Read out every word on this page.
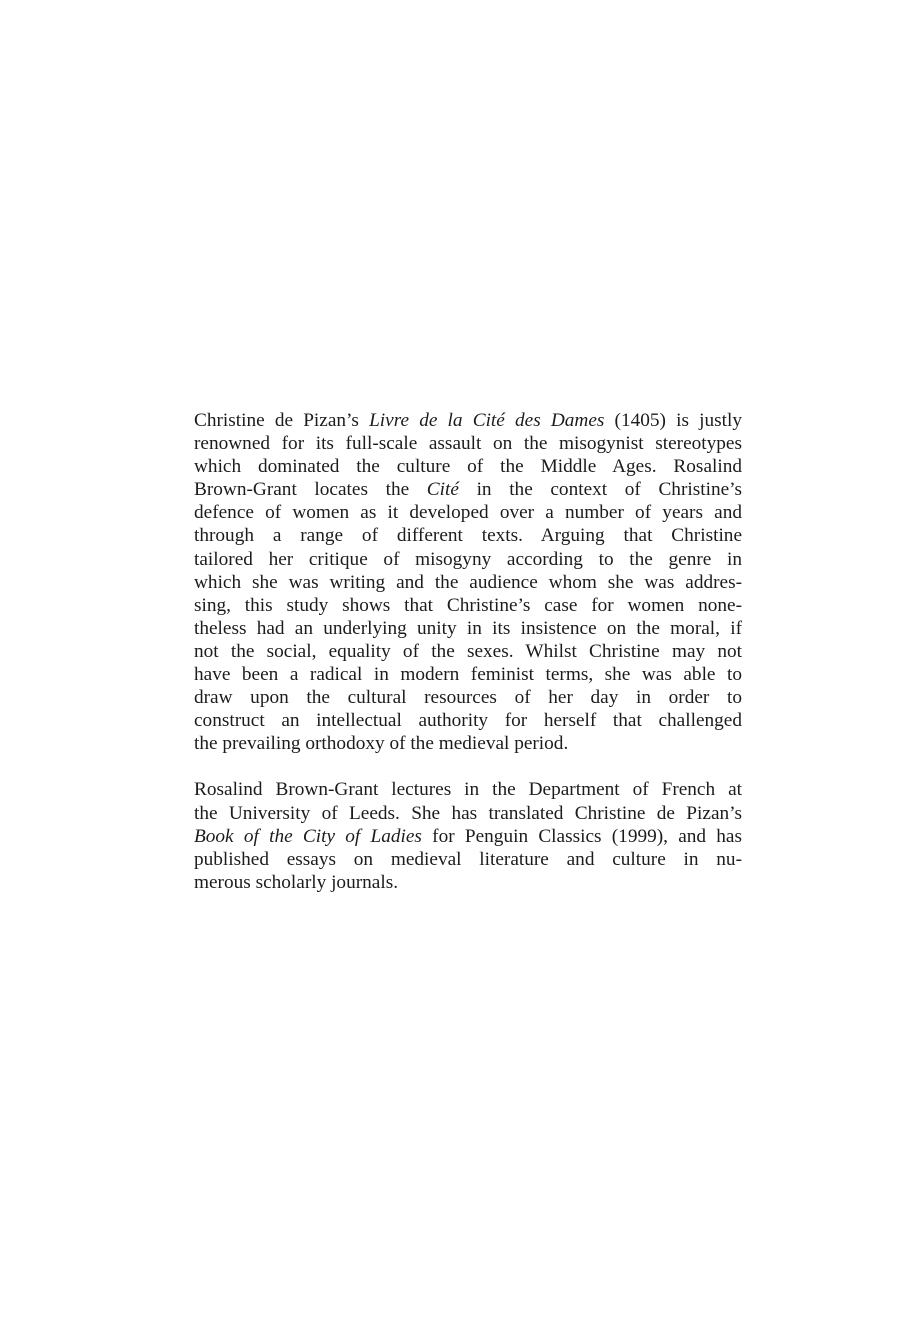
Christine de Pizan’s Livre de la Cité des Dames (1405) is justly
renowned for its full-scale assault on the misogynist stereotypes
which dominated the culture of the Middle Ages. Rosalind
Brown-Grant locates the Cité in the context of Christine’s
defence of women as it developed over a number of years and
through a range of different texts. Arguing that Christine
tailored her critique of misogyny according to the genre in
which she was writing and the audience whom she was addres-
sing, this study shows that Christine’s case for women none-
theless had an underlying unity in its insistence on the moral, if
not the social, equality of the sexes. Whilst Christine may not
have been a radical in modern feminist terms, she was able to
draw upon the cultural resources of her day in order to
construct an intellectual authority for herself that challenged
the prevailing orthodoxy of the medieval period.

Rosalind Brown-Grant lectures in the Department of French at
the University of Leeds. She has translated Christine de Pizan’s
Book of the City of Ladies for Penguin Classics (1999), and has
published essays on medieval literature and culture in nu-
merous scholarly journals.
